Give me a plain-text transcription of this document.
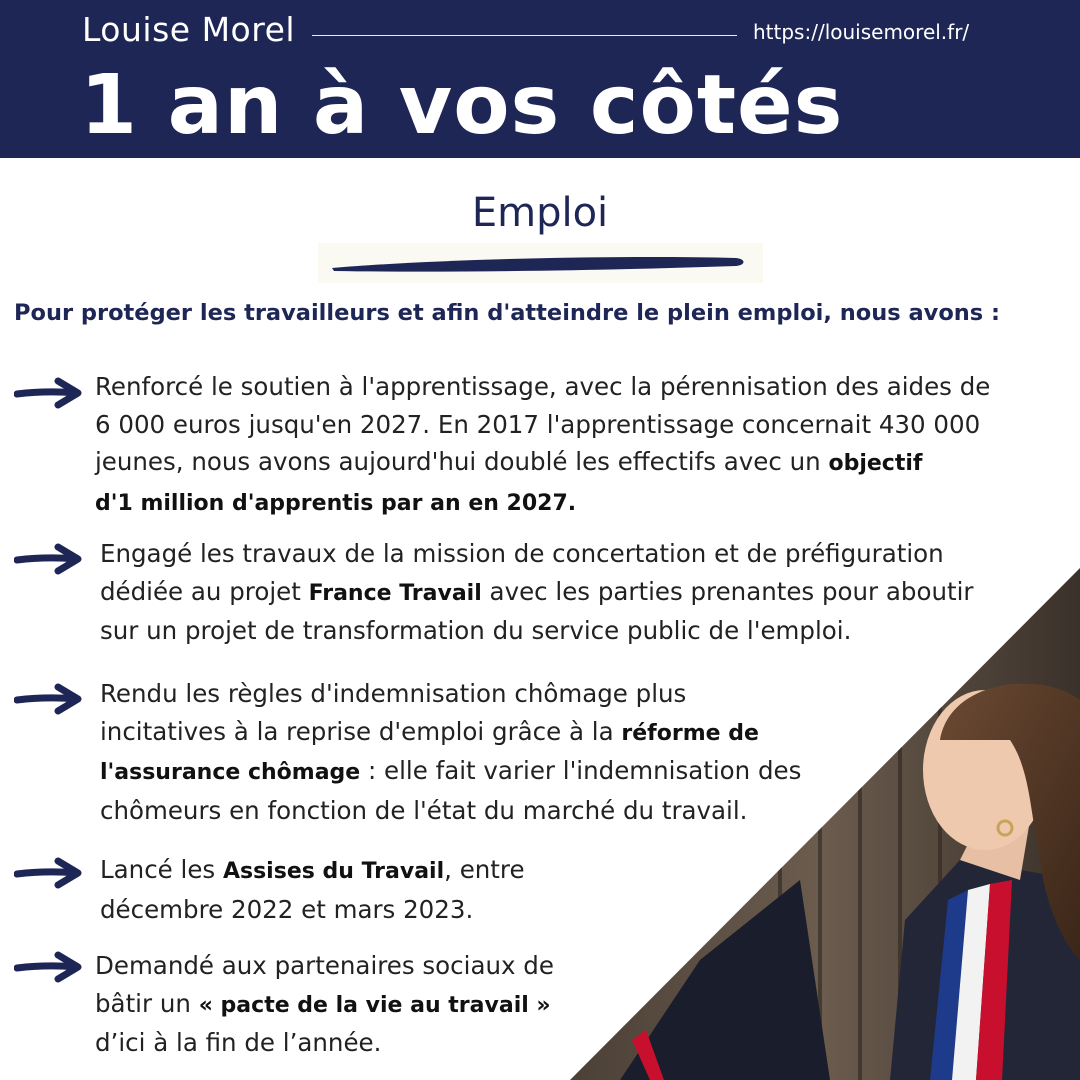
Louise Morel	https://louisemorel.fr/
1 an à vos côtés
Emploi
Pour protéger les travailleurs et afin d'atteindre le plein emploi, nous avons :
Renforcé le soutien à l'apprentissage, avec la pérennisation des aides de
6 000 euros jusqu'en 2027. En 2017 l'apprentissage concernait 430 000
jeunes, nous avons aujourd'hui doublé les effectifs avec un objectif
d'1 million d'apprentis par an en 2027.
Engagé les travaux de la mission de concertation et de préfiguration
dédiée au projet France Travail avec les parties prenantes pour aboutir
sur un projet de transformation du service public de l'emploi.
Rendu les règles d'indemnisation chômage plus
incitatives à la reprise d'emploi grâce à la réforme de
l'assurance chômage : elle fait varier l'indemnisation des
chômeurs en fonction de l'état du marché du travail.
Lancé les Assises du Travail, entre
décembre 2022 et mars 2023.
Demandé aux partenaires sociaux de
bâtir un « pacte de la vie au travail »
d’ici à la fin de l’année.
